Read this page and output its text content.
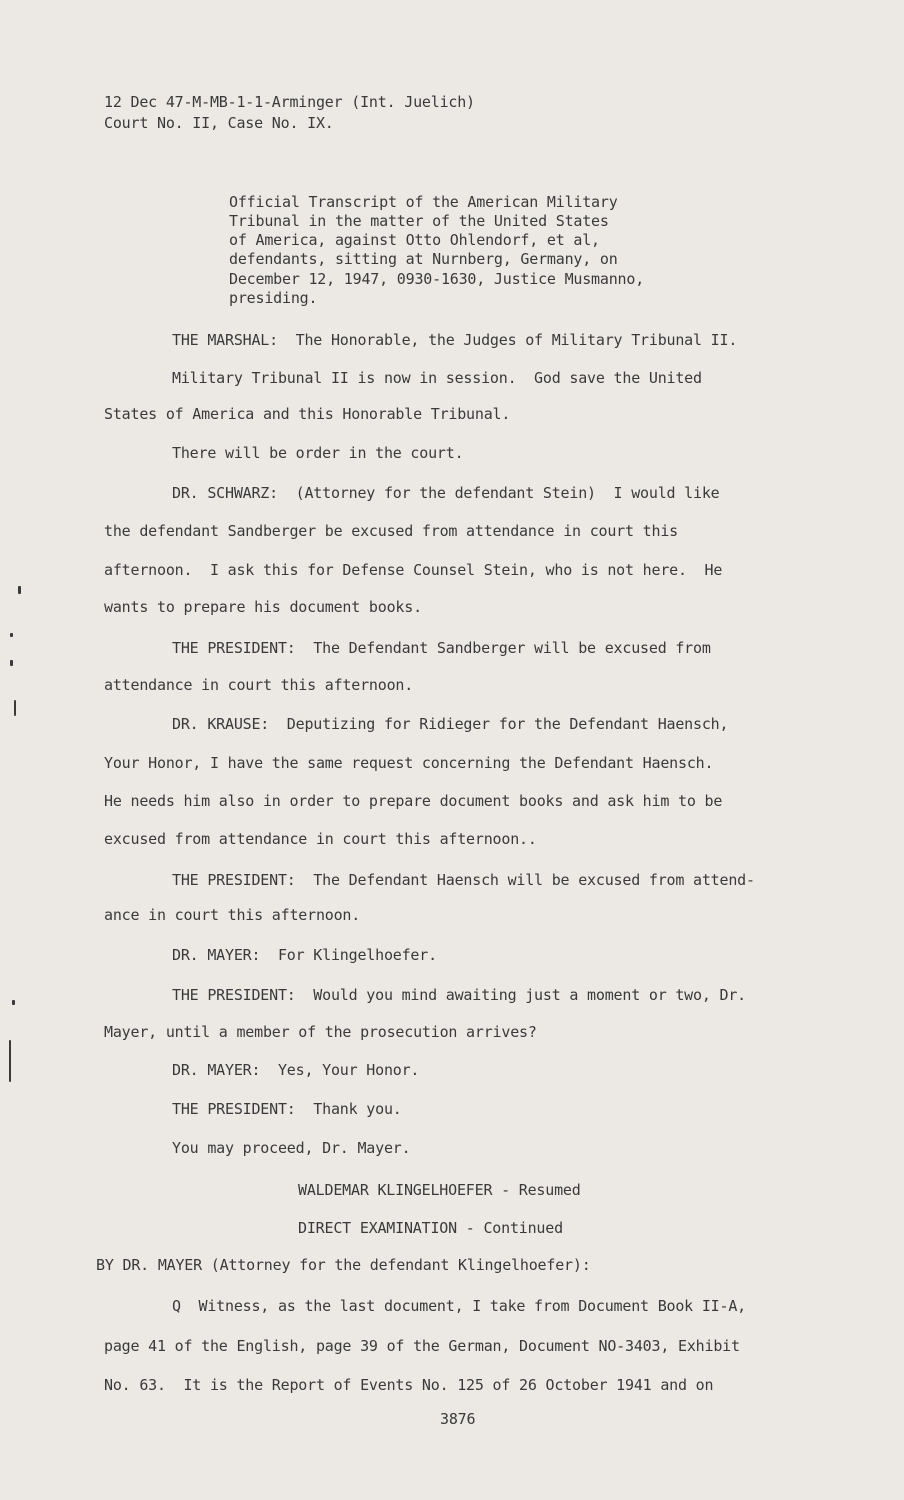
12 Dec 47-M-MB-1-1-Arminger (Int. Juelich)
Court No. II, Case No. IX.
Official Transcript of the American Military
Tribunal in the matter of the United States
of America, against Otto Ohlendorf, et al,
defendants, sitting at Nurnberg, Germany, on
December 12, 1947, 0930-1630, Justice Musmanno,
presiding.
THE MARSHAL:  The Honorable, the Judges of Military Tribunal II.
Military Tribunal II is now in session.  God save the United
States of America and this Honorable Tribunal.
There will be order in the court.
DR. SCHWARZ:  (Attorney for the defendant Stein)  I would like
the defendant Sandberger be excused from attendance in court this
afternoon.  I ask this for Defense Counsel Stein, who is not here.  He
wants to prepare his document books.
THE PRESIDENT:  The Defendant Sandberger will be excused from
attendance in court this afternoon.
DR. KRAUSE:  Deputizing for Ridieger for the Defendant Haensch,
Your Honor, I have the same request concerning the Defendant Haensch.
He needs him also in order to prepare document books and ask him to be
excused from attendance in court this afternoon..
THE PRESIDENT:  The Defendant Haensch will be excused from attend-
ance in court this afternoon.
DR. MAYER:  For Klingelhoefer.
THE PRESIDENT:  Would you mind awaiting just a moment or two, Dr.
Mayer, until a member of the prosecution arrives?
DR. MAYER:  Yes, Your Honor.
THE PRESIDENT:  Thank you.
You may proceed, Dr. Mayer.
WALDEMAR KLINGELHOEFER - Resumed
DIRECT EXAMINATION - Continued
BY DR. MAYER (Attorney for the defendant Klingelhoefer):
Q  Witness, as the last document, I take from Document Book II-A,
page 41 of the English, page 39 of the German, Document NO-3403, Exhibit
No. 63.  It is the Report of Events No. 125 of 26 October 1941 and on
3876
